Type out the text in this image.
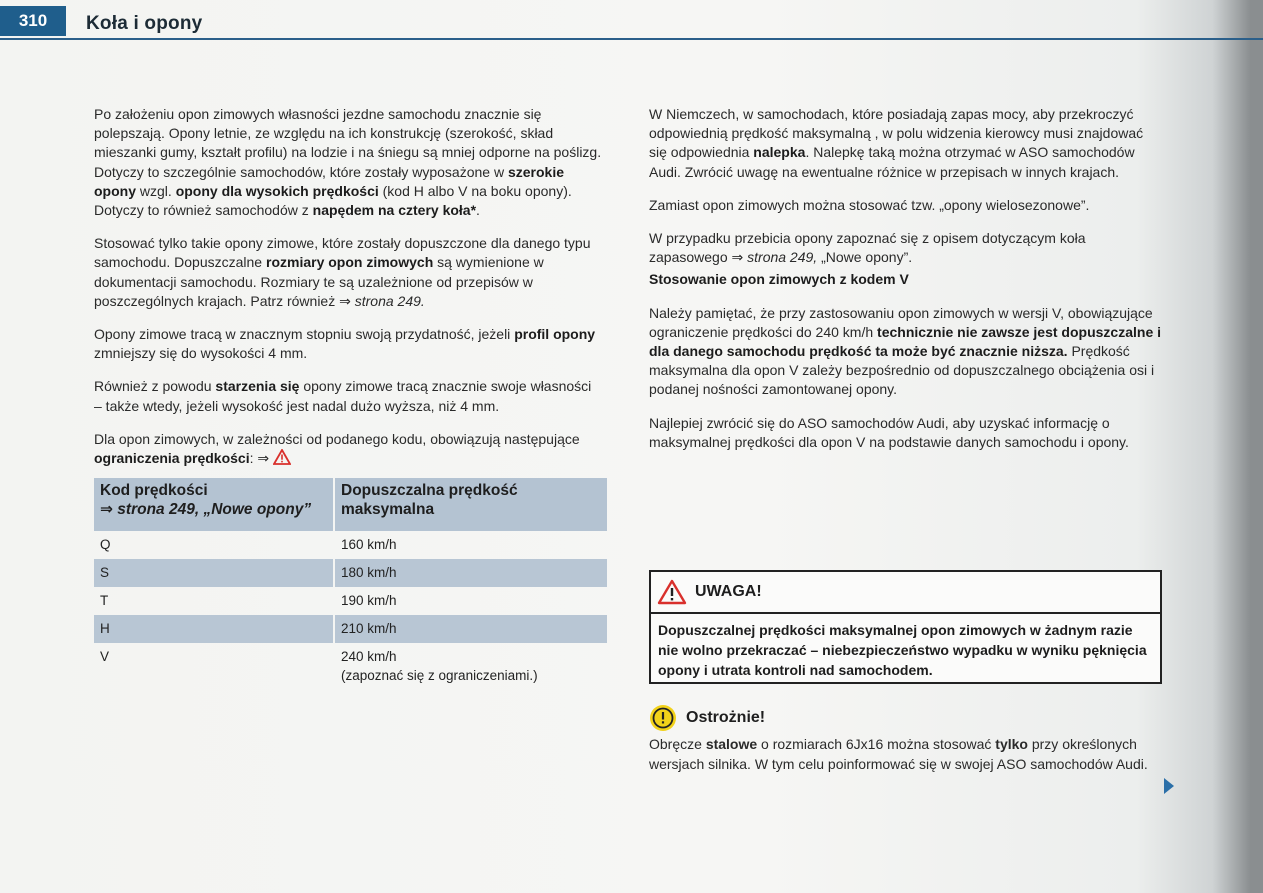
310	Koła i opony

Po założeniu opon zimowych własności jezdne samochodu znacznie się polepszają. Opony letnie, ze względu na ich konstrukcję (szerokość, skład mieszanki gumy, kształt profilu) na lodzie i na śniegu są mniej odporne na poślizg. Dotyczy to szczególnie samochodów, które zostały wyposażone w szerokie opony wzgl. opony dla wysokich prędkości (kod H albo V na boku opony). Dotyczy to również samochodów z napędem na cztery koła*.

Stosować tylko takie opony zimowe, które zostały dopuszczone dla danego typu samochodu. Dopuszczalne rozmiary opon zimowych są wymienione w dokumentacji samochodu. Rozmiary te są uzależnione od przepisów w poszczególnych krajach. Patrz również ⇒ strona 249.

Opony zimowe tracą w znacznym stopniu swoją przydatność, jeżeli profil opony zmniejszy się do wysokości 4 mm.

Również z powodu starzenia się opony zimowe tracą znacznie swoje własności – także wtedy, jeżeli wysokość jest nadal dużo wyższa, niż 4 mm.

Dla opon zimowych, w zależności od podanego kodu, obowiązują następujące ograniczenia prędkości: ⇒

Kod prędkości
⇒ strona 249, „Nowe opony”	Dopuszczalna prędkość maksymalna
Q	160 km/h
S	180 km/h
T	190 km/h
H	210 km/h
V	240 km/h
(zapoznać się z ograniczeniami.)

W Niemczech, w samochodach, które posiadają zapas mocy, aby przekroczyć odpowiednią prędkość maksymalną , w polu widzenia kierowcy musi znajdować się odpowiednia nalepka. Nalepkę taką można otrzymać w ASO samochodów Audi. Zwrócić uwagę na ewentualne różnice w przepisach w innych krajach.

Zamiast opon zimowych można stosować tzw. „opony wielosezonowe”.

W przypadku przebicia opony zapoznać się z opisem dotyczącym koła zapasowego ⇒ strona 249, „Nowe opony”.

Stosowanie opon zimowych z kodem V

Należy pamiętać, że przy zastosowaniu opon zimowych w wersji V, obowiązujące ograniczenie prędkości do 240 km/h technicznie nie zawsze jest dopuszczalne i dla danego samochodu prędkość ta może być znacznie niższa. Prędkość maksymalna dla opon V zależy bezpośrednio od dopuszczalnego obciążenia osi i podanej nośności zamontowanej opony.

Najlepiej zwrócić się do ASO samochodów Audi, aby uzyskać informację o maksymalnej prędkości dla opon V na podstawie danych samochodu i opony.

UWAGA!
Dopuszczalnej prędkości maksymalnej opon zimowych w żadnym razie nie wolno przekraczać – niebezpieczeństwo wypadku w wyniku pęknięcia opony i utrata kontroli nad samochodem.
Ostrożnie!
Obręcze stalowe o rozmiarach 6Jx16 można stosować tylko przy określonych wersjach silnika. W tym celu poinformować się w swojej ASO samochodów Audi.
